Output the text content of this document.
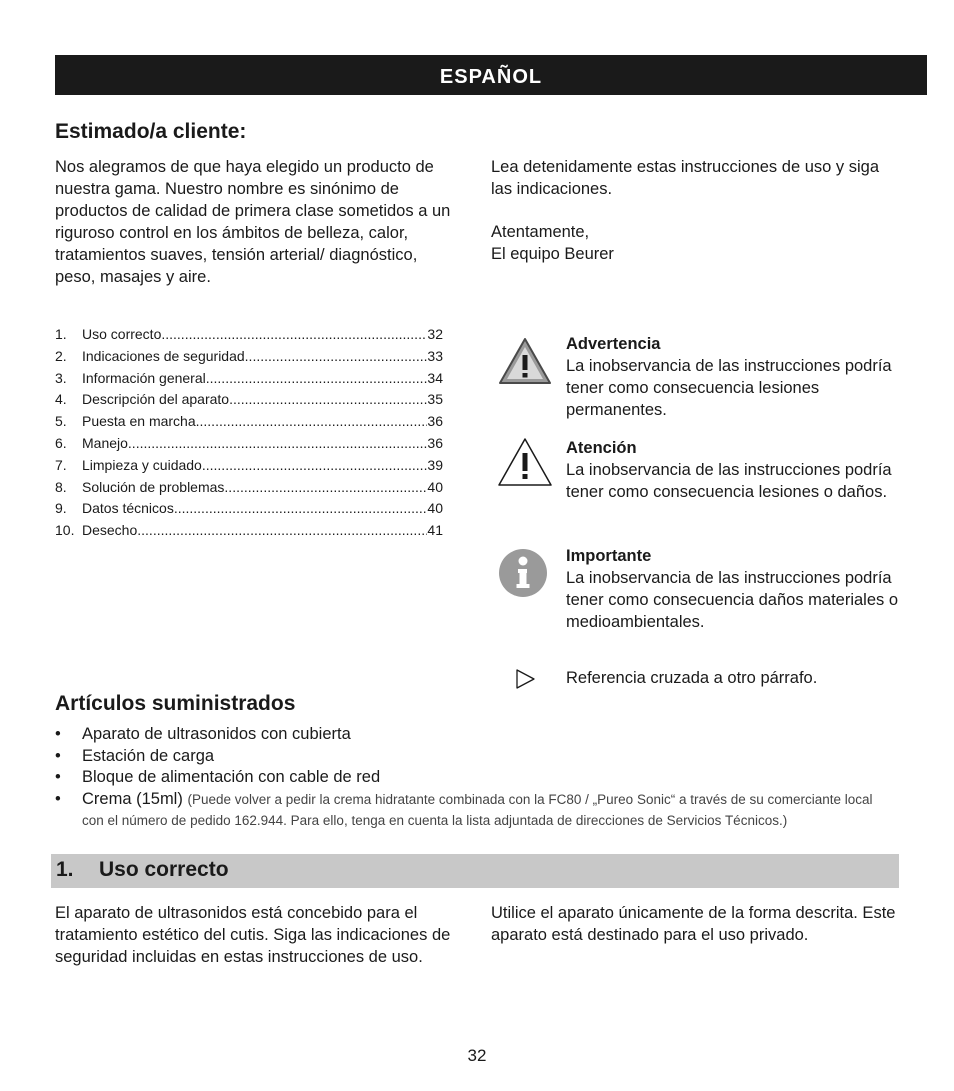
ESPAÑOL
Estimado/a cliente:

Nos alegramos de que haya elegido un producto de nuestra gama. Nuestro nombre es sinónimo de productos de calidad de primera clase sometidos a un riguroso control en los ámbitos de belleza, calor, tratamientos suaves, tensión arterial/ diagnóstico, peso, masajes y aire.

Lea detenidamente estas instrucciones de uso y siga las indicaciones.

Atentamente,

El equipo Beurer

1.	Uso correcto .....	32
2.	Indicaciones de seguridad .....	33
3.	Información general .....	34
4.	Descripción del aparato .....	35
5.	Puesta en marcha .....	36
6.	Manejo .....	36
7.	Limpieza y cuidado .....	39
8.	Solución de problemas .....	40
9.	Datos técnicos .....	40
10. Desecho .....	41
Advertencia
La inobservancia de las instrucciones podría tener como consecuencia lesiones permanentes.
Atención
La inobservancia de las instrucciones podría tener como consecuencia lesiones o daños.
Importante
La inobservancia de las instrucciones podría tener como consecuencia daños materiales o medioambientales.
Referencia cruzada a otro párrafo.
Artículos suministrados
• Aparato de ultrasonidos con cubierta
• Estación de carga
• Bloque de alimentación con cable de red
• Crema (15ml) (Puede volver a pedir la crema hidratante combinada con la FC80 / „Pureo Sonic“ a través de su comerciante local con el número de pedido 162.944. Para ello, tenga en cuenta la lista adjuntada de direcciones de Servicios Técnicos.)
1. Uso correcto

El aparato de ultrasonidos está concebido para el tratamiento estético del cutis. Siga las indicaciones de seguridad incluidas en estas instrucciones de uso.

Utilice el aparato únicamente de la forma descrita. Este aparato está destinado para el uso privado.

32
